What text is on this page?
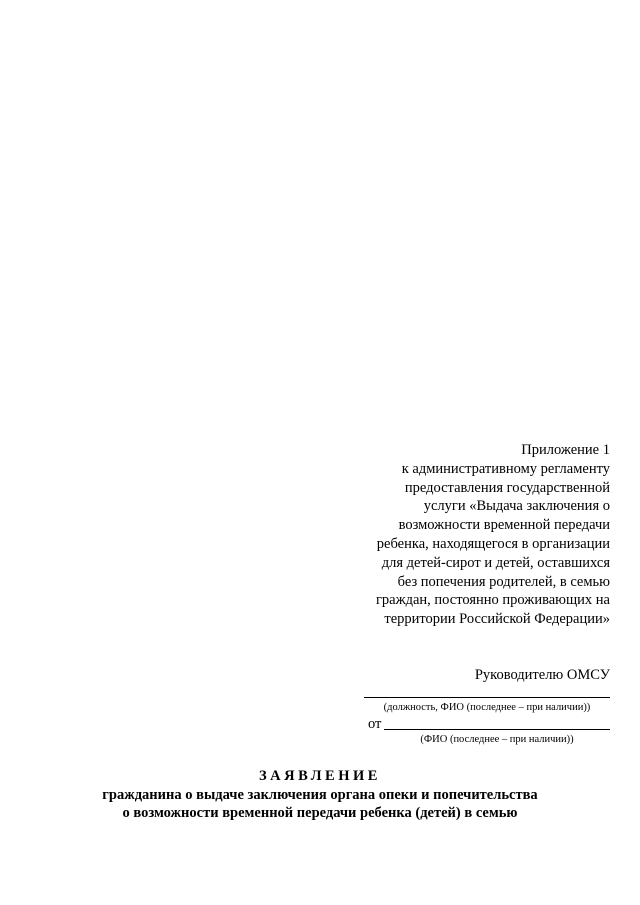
Приложение 1
к административному регламенту
предоставления государственной
услуги «Выдача заключения о
возможности временной передачи
ребенка, находящегося в организации
для детей-сирот и детей, оставшихся
без попечения родителей, в семью
граждан, постоянно проживающих на
территории Российской Федерации»
Руководителю ОМСУ
(должность, ФИО (последнее – при наличии))
от
(ФИО (последнее – при наличии))
ЗАЯВЛЕНИЕ
гражданина о выдаче заключения органа опеки и попечительства
о возможности временной передачи ребенка (детей) в семью
